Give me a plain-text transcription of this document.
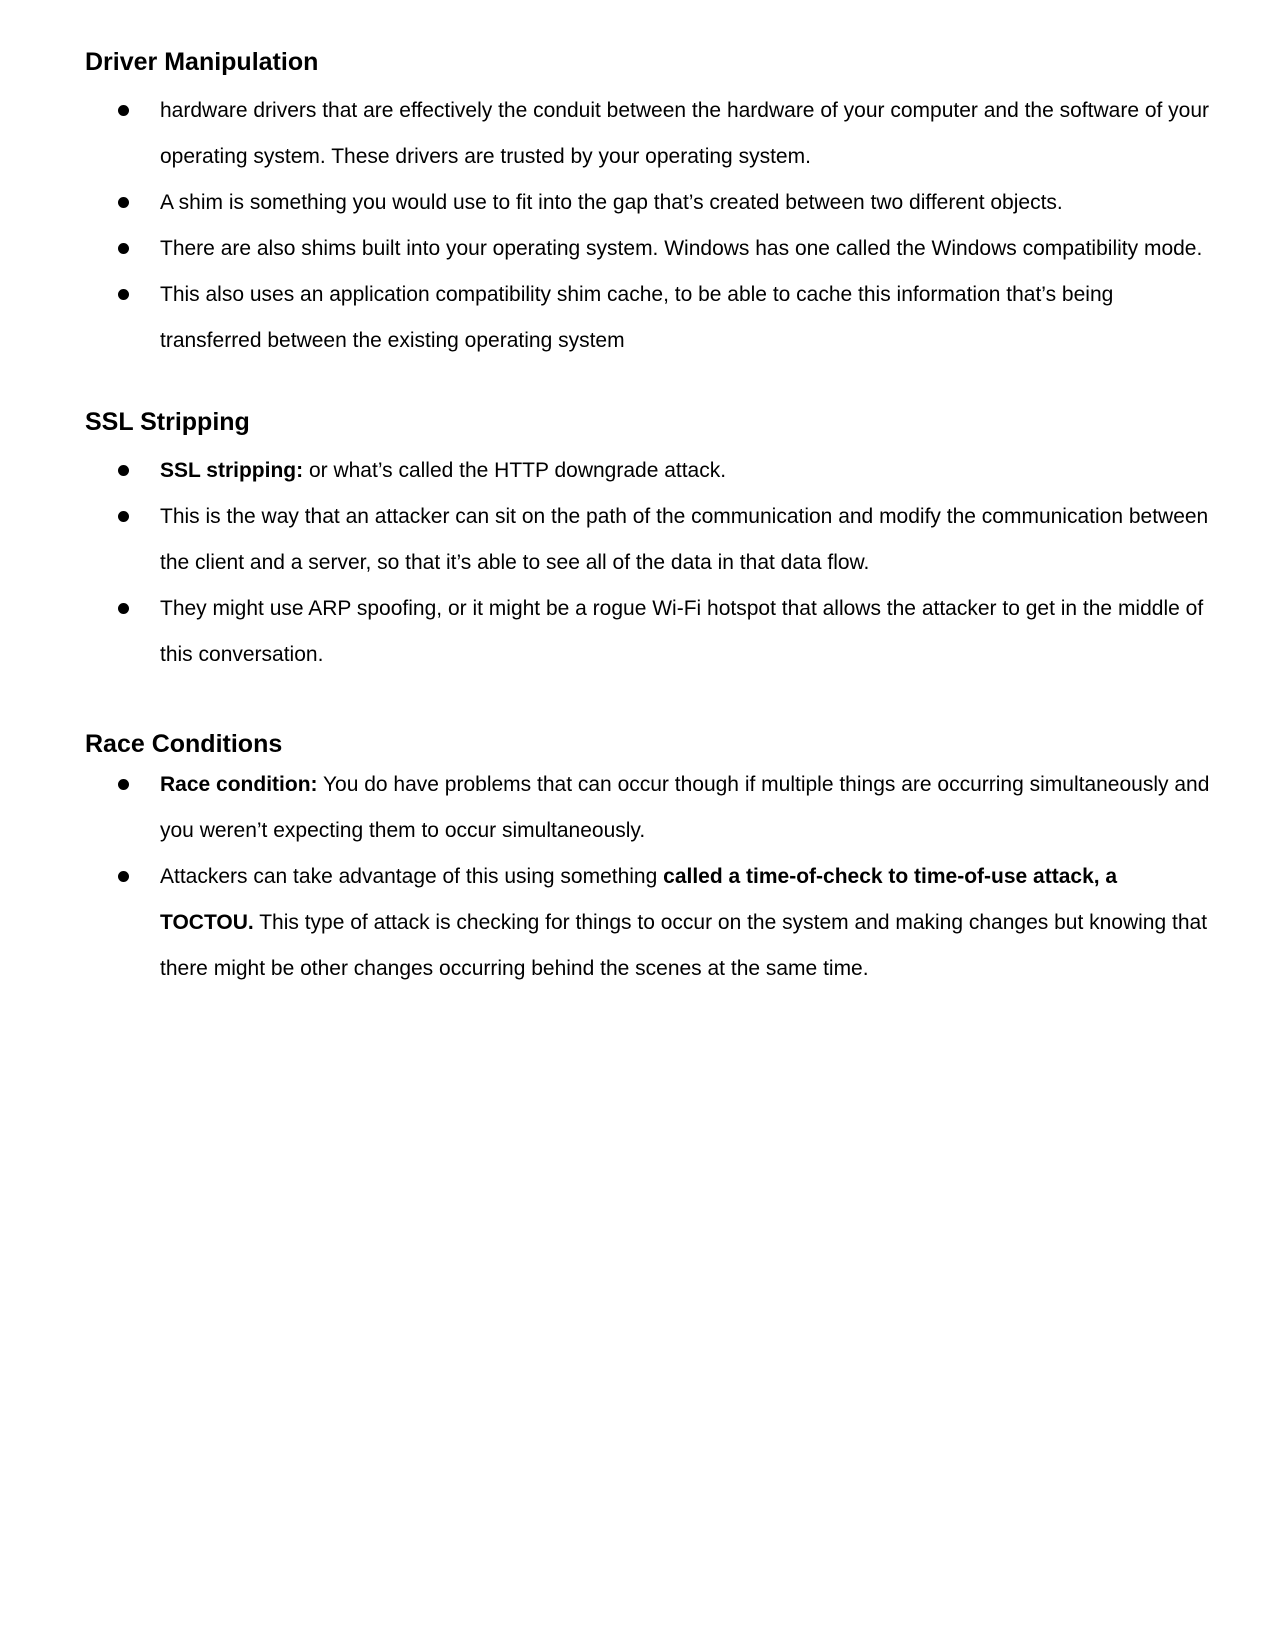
Driver Manipulation
hardware drivers that are effectively the conduit between the hardware of your computer and the software of your operating system. These drivers are trusted by your operating system.
A shim is something you would use to fit into the gap that’s created between two different objects.
There are also shims built into your operating system. Windows has one called the Windows compatibility mode.
This also uses an application compatibility shim cache, to be able to cache this information that’s being transferred between the existing operating system
SSL Stripping
SSL stripping: or what’s called the HTTP downgrade attack.
This is the way that an attacker can sit on the path of the communication and modify the communication between the client and a server, so that it’s able to see all of the data in that data flow.
They might use ARP spoofing, or it might be a rogue Wi-Fi hotspot that allows the attacker to get in the middle of this conversation.
Race Conditions
Race condition: You do have problems that can occur though if multiple things are occurring simultaneously and you weren’t expecting them to occur simultaneously.
Attackers can take advantage of this using something called a time-of-check to time-of-use attack, a TOCTOU. This type of attack is checking for things to occur on the system and making changes but knowing that there might be other changes occurring behind the scenes at the same time.
